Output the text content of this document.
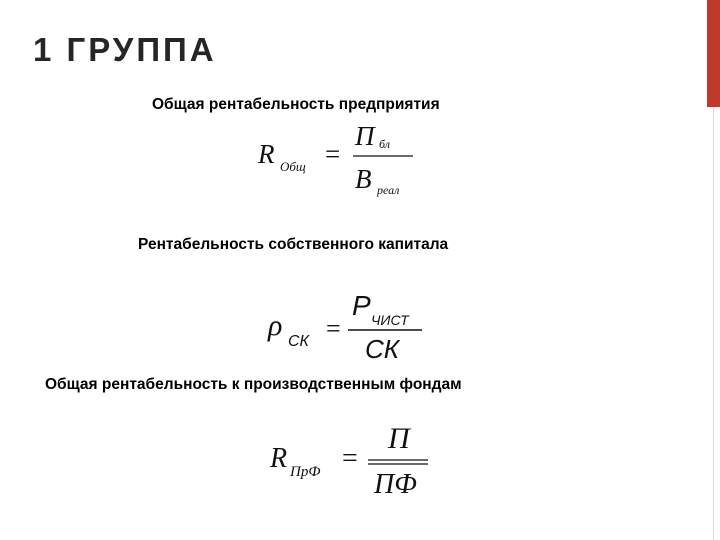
1 ГРУППА

Общая рентабельность предприятия

R Общ =
П бл
В реал

Рентабельность собственного капитала

ρ СК =
Р ЧИСТ
СК

Общая рентабельность к производственным фондам

R ПрФ =
П
ПФ
